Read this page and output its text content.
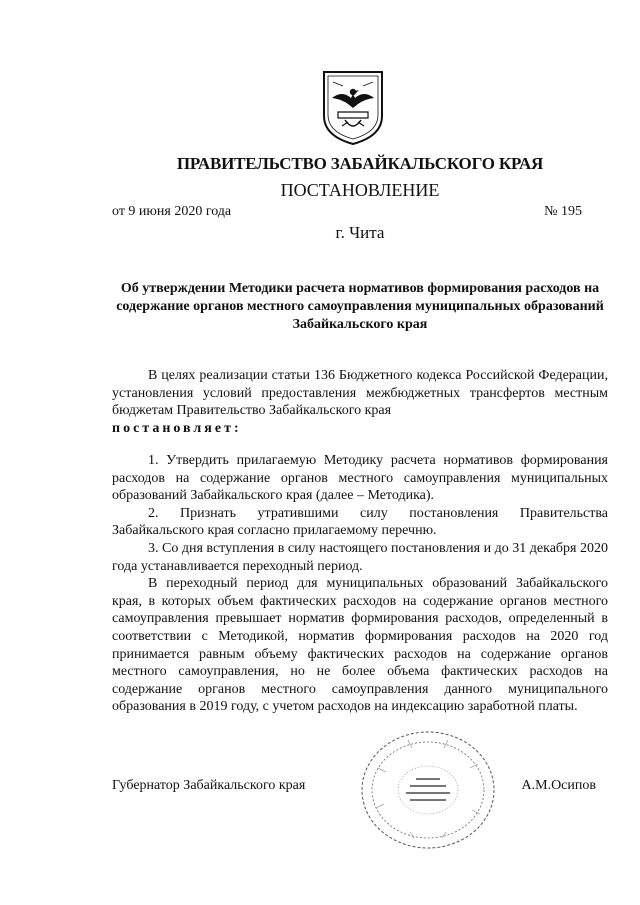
ПРАВИТЕЛЬСТВО ЗАБАЙКАЛЬСКОГО КРАЯ
ПОСТАНОВЛЕНИЕ
от 9 июня 2020 года	№ 195
г. Чита
Об утверждении Методики расчета нормативов формирования расходов на содержание органов местного самоуправления муниципальных образований Забайкальского края
В целях реализации статьи 136 Бюджетного кодекса Российской Федерации, установления условий предоставления межбюджетных трансфертов местным бюджетам Правительство Забайкальского края
постановляет:

1. Утвердить прилагаемую Методику расчета нормативов формирования расходов на содержание органов местного самоуправления муниципальных образований Забайкальского края (далее – Методика).

2. Признать утратившими силу постановления Правительства Забайкальского края согласно прилагаемому перечню.

3. Со дня вступления в силу настоящего постановления и до 31 декабря 2020 года устанавливается переходный период.

В переходный период для муниципальных образований Забайкальского края, в которых объем фактических расходов на содержание органов местного самоуправления превышает норматив формирования расходов, определенный в соответствии с Методикой, норматив формирования расходов на 2020 год принимается равным объему фактических расходов на содержание органов местного самоуправления, но не более объема фактических расходов на содержание органов местного самоуправления данного муниципального образования в 2019 году, с учетом расходов на индексацию заработной платы.

Губернатор Забайкальского края	А.М.Осипов
